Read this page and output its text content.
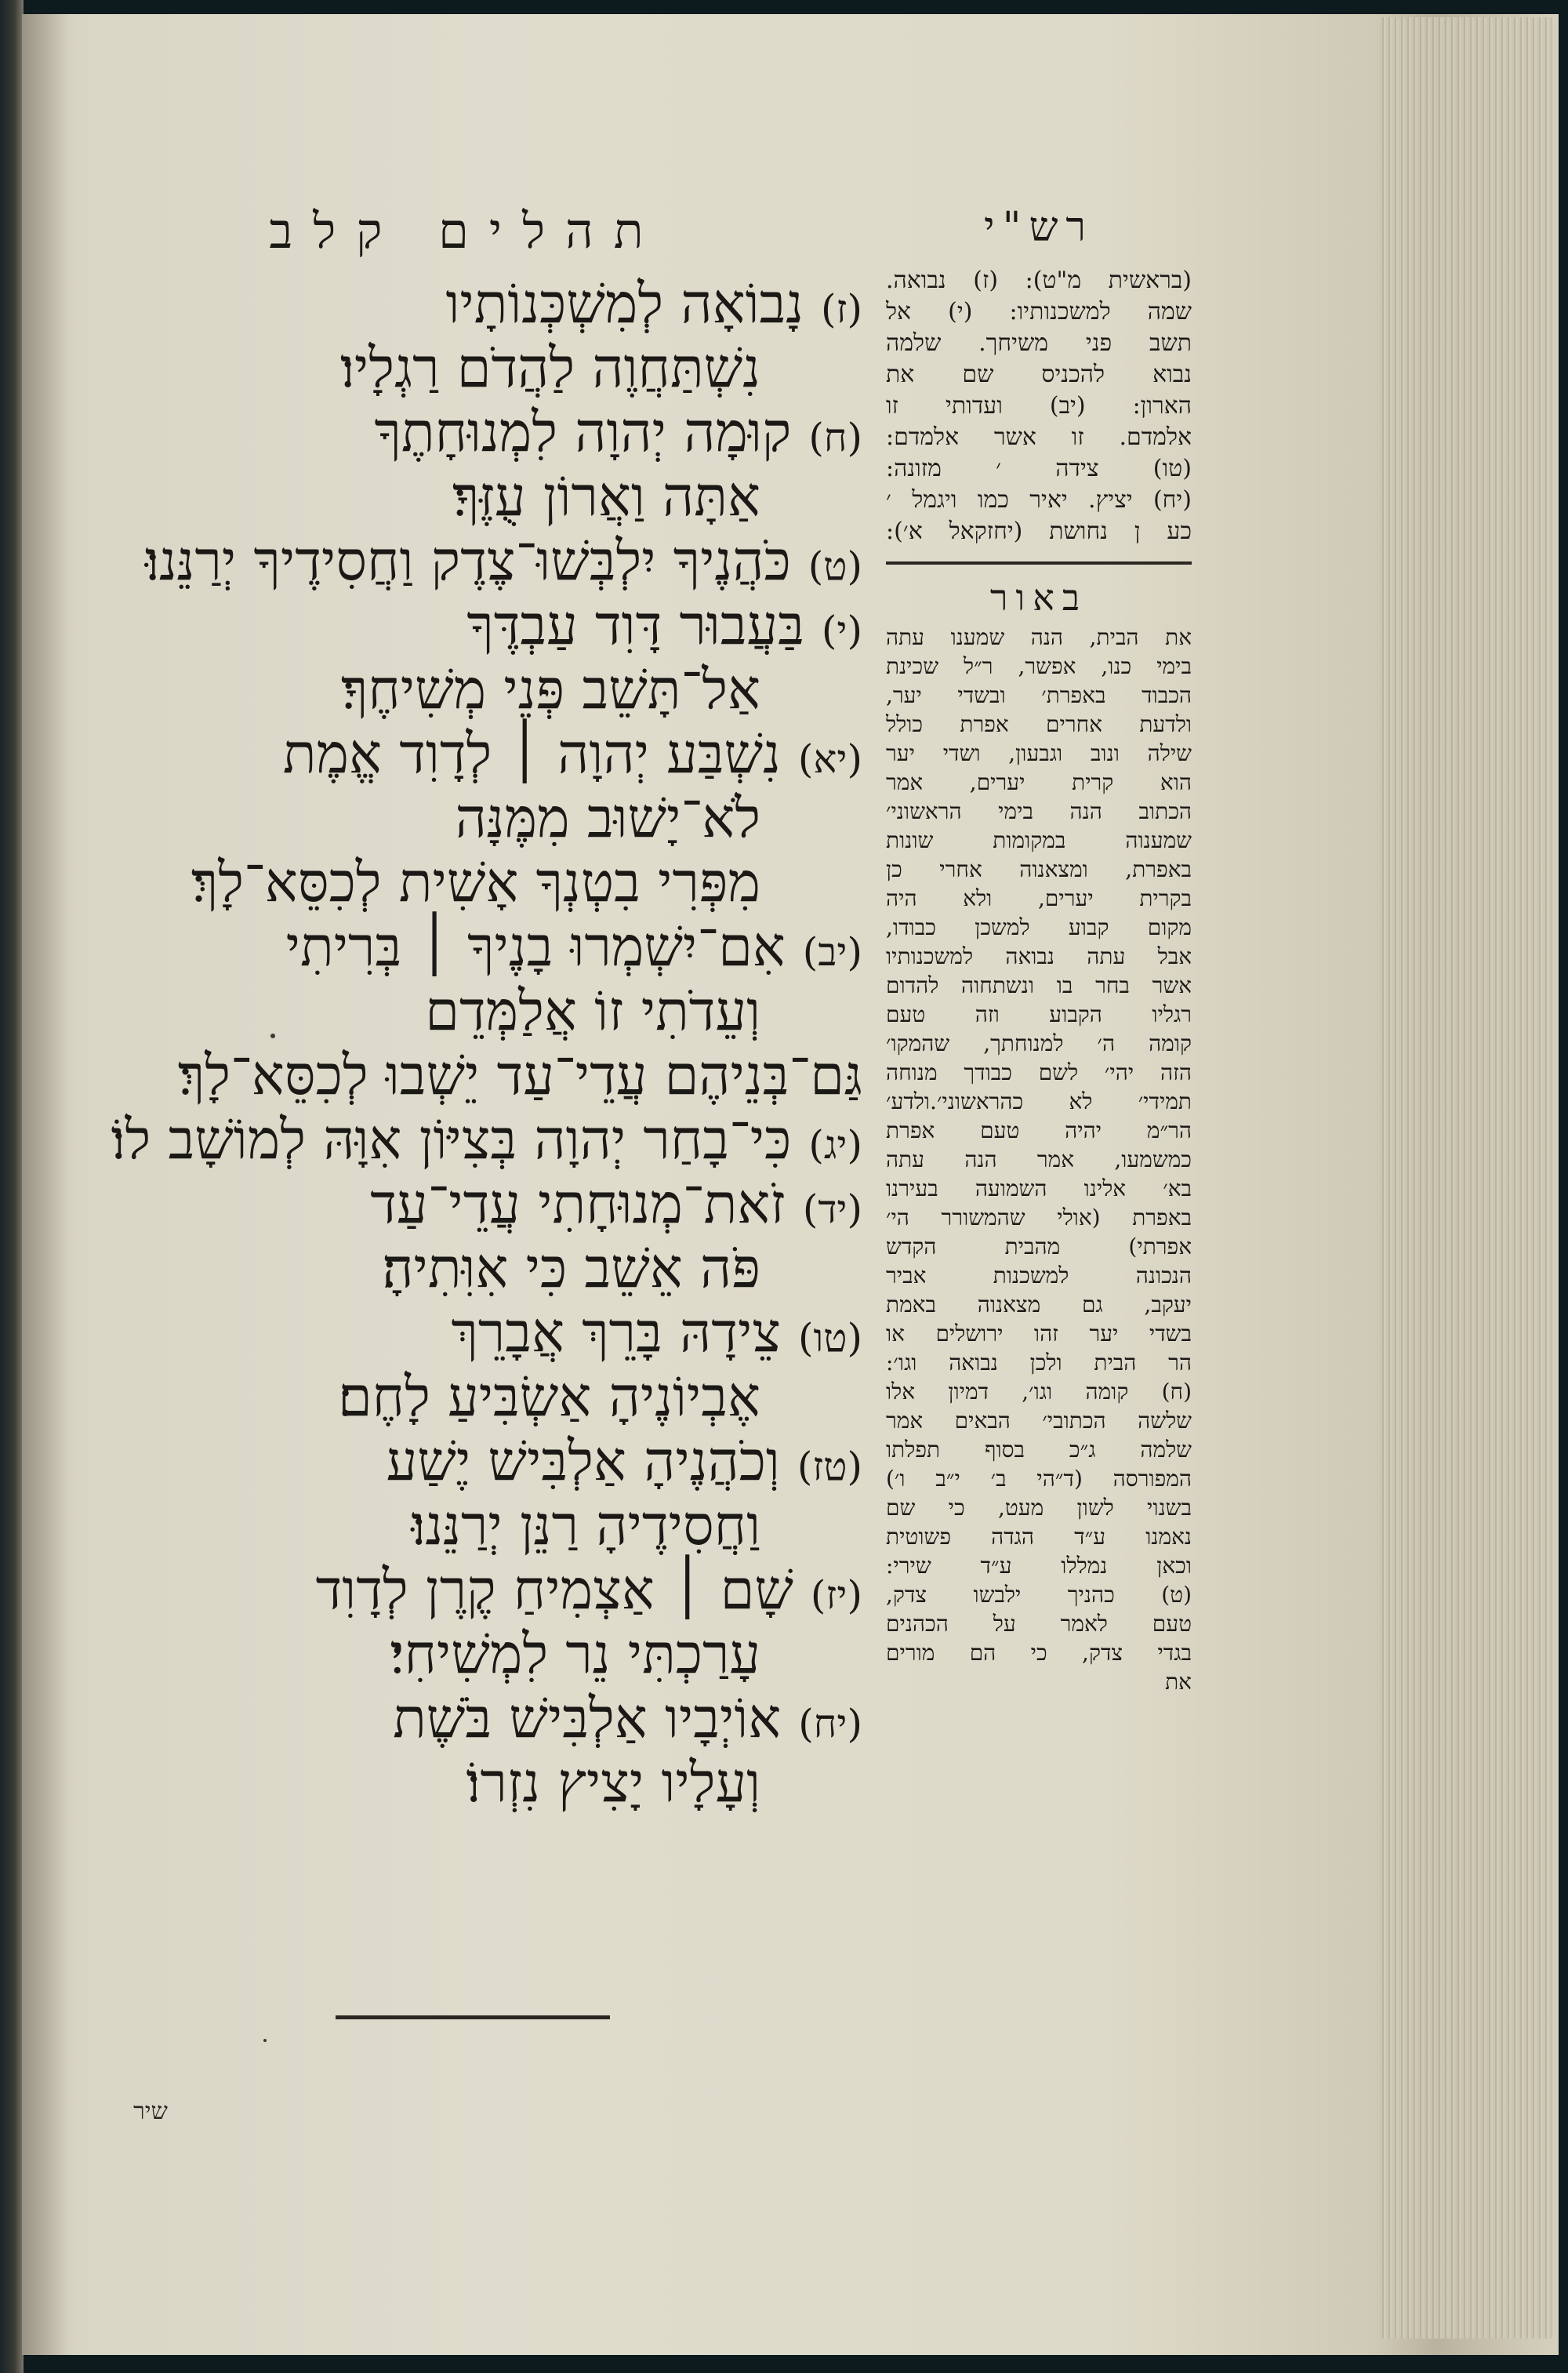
תהלים קלב
(ז)נָבוֹאָה לְמִשְׁכְּנוֹתָיו
נִשְׁתַּחֲוֶה לַהֲדֹם רַגְלָיו׃
(ח)קוּמָה יְהוָה לִמְנוּחָתֶךָ
אַתָּה וַאֲרוֹן עֻזֶּךָ׃
(ט)כֹּהֲנֶיךָ יִלְבְּשׁוּ־צֶדֶק וַחֲסִידֶיךָ יְרַנֵּנוּ׃
(י)בַּעֲבוּר דָּוִד עַבְדֶּךָ
אַל־תָּשֵׁב פְּנֵי מְשִׁיחֶךָ׃
(יא)נִשְׁבַּע יְהוָה ׀ לְדָוִד אֱמֶת
לֹא־יָשׁוּב מִמֶּנָּה
מִפְּרִי בִטְנְךָ אָשִׁית לְכִסֵּא־לָךְ׃
(יב)אִם־יִשְׁמְרוּ בָנֶיךָ ׀ בְּרִיתִי
וְעֵדֹתִי זוֹ אֲלַמְּדֵם
גַּם־בְּנֵיהֶם עֲדֵי־עַד יֵשְׁבוּ לְכִסֵּא־לָךְ׃
(יג)כִּי־בָחַר יְהוָה בְּצִיּוֹן אִוָּהּ לְמוֹשָׁב לוֹ׃
(יד)זֹאת־מְנוּחָתִי עֲדֵי־עַד
פֹּה אֵשֵׁב כִּי אִוִּתִיהָ׃
(טו)צֵידָהּ בָּרֵךְ אֲבָרֵךְ
אֶבְיוֹנֶיהָ אַשְׂבִּיעַ לָחֶם׃
(טז)וְכֹהֲנֶיהָ אַלְבִּישׁ יֶשַׁע
וַחֲסִידֶיהָ רַנֵּן יְרַנֵּנוּ׃
(יז)שָׁם ׀ אַצְמִיחַ קֶרֶן לְדָוִד
עָרַכְתִּי נֵר לִמְשִׁיחִי׃
(יח)אוֹיְבָיו אַלְבִּישׁ בֹּשֶׁת
וְעָלָיו יָצִיץ נִזְרוֹ׃
שיר
רש"י
(בראשית מ"ט): (ז) נבואה.
שמה למשכנותיו: (י) אל
תשב פני משיחך. שלמה
נבוא להכניס שם את
הארון: (יב) ועדותי זו
אלמדם. זו אשר אלמדם:
(טו) צידה ׳ מזונה:
(יח) יציץ. יאיר כמו ויגמל ׳
כע ן נחושת (יחזקאל א׳):
באור
את הבית, הנה שמענו עתה
בימי כנו, אפשר, ר״ל שכינת
הכבוד באפרת׳ ובשדי יער,
ולדעת אחרים אפרת כולל
שילה ונוב וגבעון, ושדי יער
הוא קרית יערים, אמר
הכתוב הנה בימי הראשוני׳
שמענוה במקומות שונות
באפרת, ומצאנוה אחרי כן
בקרית יערים, ולא היה
מקום קבוע למשכן כבודו,
אבל עתה נבואה למשכנותיו
אשר בחר בו ונשתחוה להדום
רגליו הקבוע וזה טעם
קומה ה׳ למנוחתך, שהמקו׳
הזה יהי׳ לשם כבודך מנוחה
תמידי׳ לא כהראשוני׳.ולדע׳
הר״מ יהיה טעם אפרת
כמשמעו, אמר הנה עתה
בא׳ אלינו השמועה בעירנו
באפרת (אולי שהמשורר הי׳
אפרתי) מהבית הקדש
הנכונה למשכנות אביר
יעקב, גם מצאנוה באמת
בשדי יער זהו ירושלים או
הר הבית ולכן נבואה וגו׳:
(ח) קומה וגו׳, דמיון אלו
שלשה הכתובי׳ הבאים אמר
שלמה ג״כ בסוף תפלתו
המפורסה (ד״הי ב׳ י״ב ו׳)
בשנוי לשון מעט, כי שם
נאמנו ע״ד הגדה פשוטית
וכאן נמללו ע״ד שירי:
(ט) כהניך ילבשו צדק,
טעם לאמר על הכהנים
בגדי צדק, כי הם מורים
את
